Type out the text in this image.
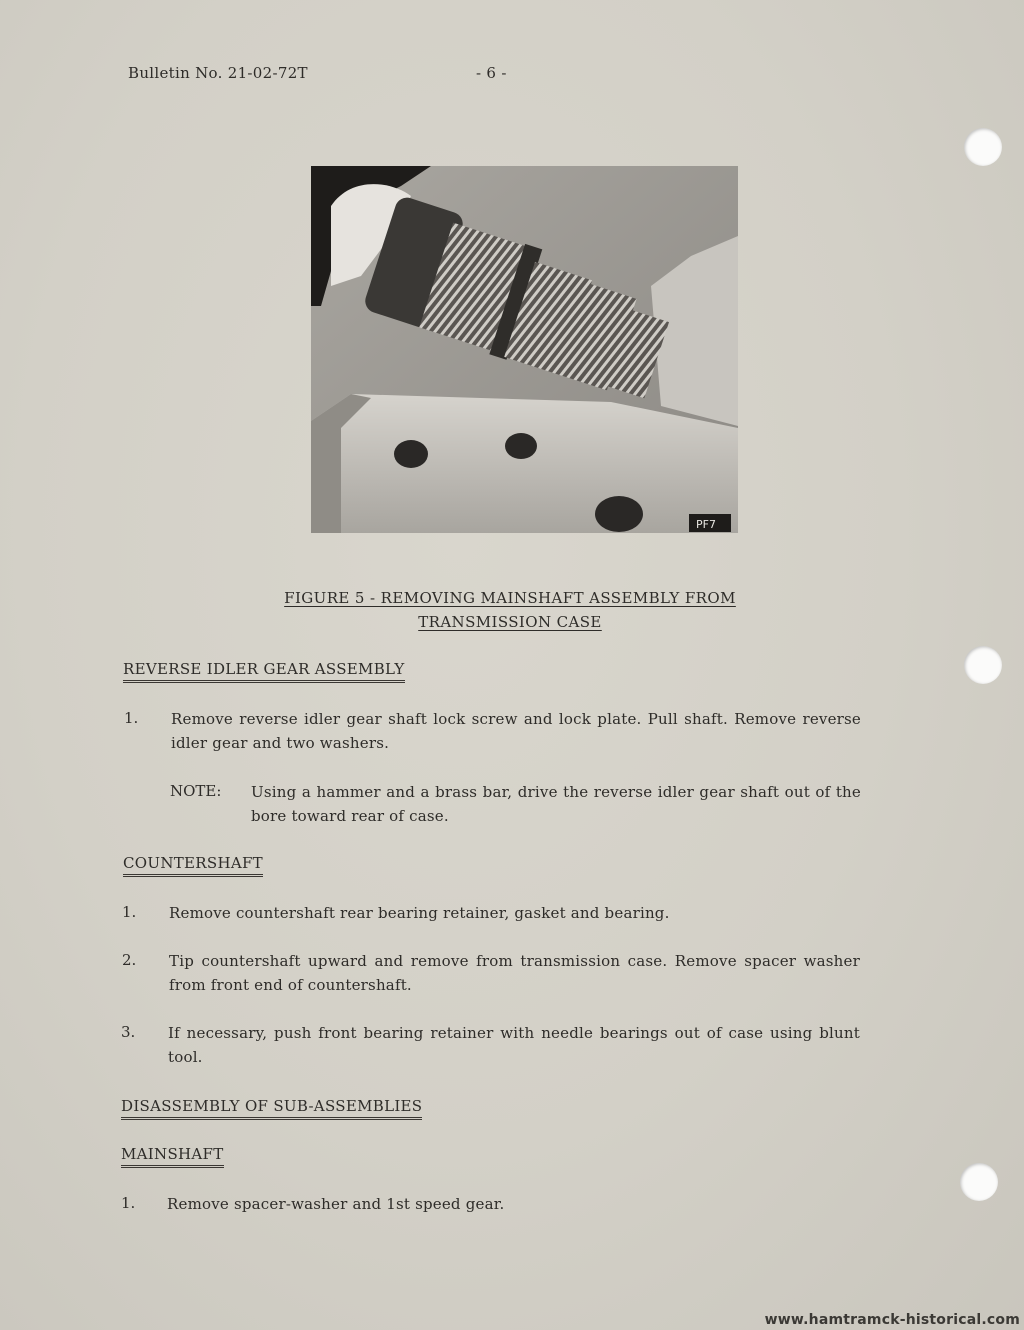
Bulletin No. 21-02-72T	- 6 -
PF7
FIGURE 5 - REMOVING MAINSHAFT ASSEMBLY FROM
TRANSMISSION CASE
REVERSE IDLER GEAR ASSEMBLY
1. Remove reverse idler gear shaft lock screw and lock plate. Pull shaft. Remove reverse idler gear and two washers.
NOTE: Using a hammer and a brass bar, drive the reverse idler gear shaft out of the bore toward rear of case.
COUNTERSHAFT
1. Remove countershaft rear bearing retainer, gasket and bearing.
2. Tip countershaft upward and remove from transmission case. Remove spacer washer from front end of countershaft.
3. If necessary, push front bearing retainer with needle bearings out of case using blunt tool.
DISASSEMBLY OF SUB-ASSEMBLIES
MAINSHAFT
1. Remove spacer-washer and 1st speed gear.
www.hamtramck-historical.com
